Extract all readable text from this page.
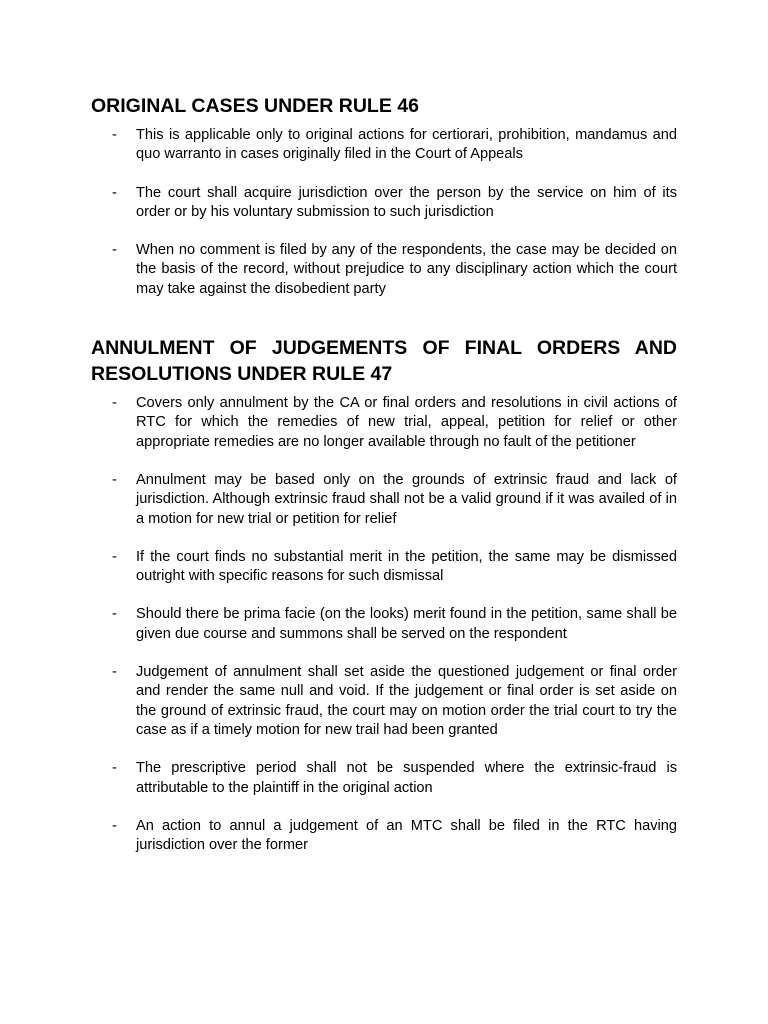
ORIGINAL CASES UNDER RULE 46
- This is applicable only to original actions for certiorari, prohibition, mandamus and quo warranto in cases originally filed in the Court of Appeals
- The court shall acquire jurisdiction over the person by the service on him of its order or by his voluntary submission to such jurisdiction
- When no comment is filed by any of the respondents, the case may be decided on the basis of the record, without prejudice to any disciplinary action which the court may take against the disobedient party
ANNULMENT OF JUDGEMENTS OF FINAL ORDERS AND RESOLUTIONS UNDER RULE 47
- Covers only annulment by the CA or final orders and resolutions in civil actions of RTC for which the remedies of new trial, appeal, petition for relief or other appropriate remedies are no longer available through no fault of the petitioner
- Annulment may be based only on the grounds of extrinsic fraud and lack of jurisdiction. Although extrinsic fraud shall not be a valid ground if it was availed of in a motion for new trial or petition for relief
- If the court finds no substantial merit in the petition, the same may be dismissed outright with specific reasons for such dismissal
- Should there be prima facie (on the looks) merit found in the petition, same shall be given due course and summons shall be served on the respondent
- Judgement of annulment shall set aside the questioned judgement or final order and render the same null and void. If the judgement or final order is set aside on the ground of extrinsic fraud, the court may on motion order the trial court to try the case as if a timely motion for new trail had been granted
- The prescriptive period shall not be suspended where the extrinsic-fraud is attributable to the plaintiff in the original action
- An action to annul a judgement of an MTC shall be filed in the RTC having jurisdiction over the former
